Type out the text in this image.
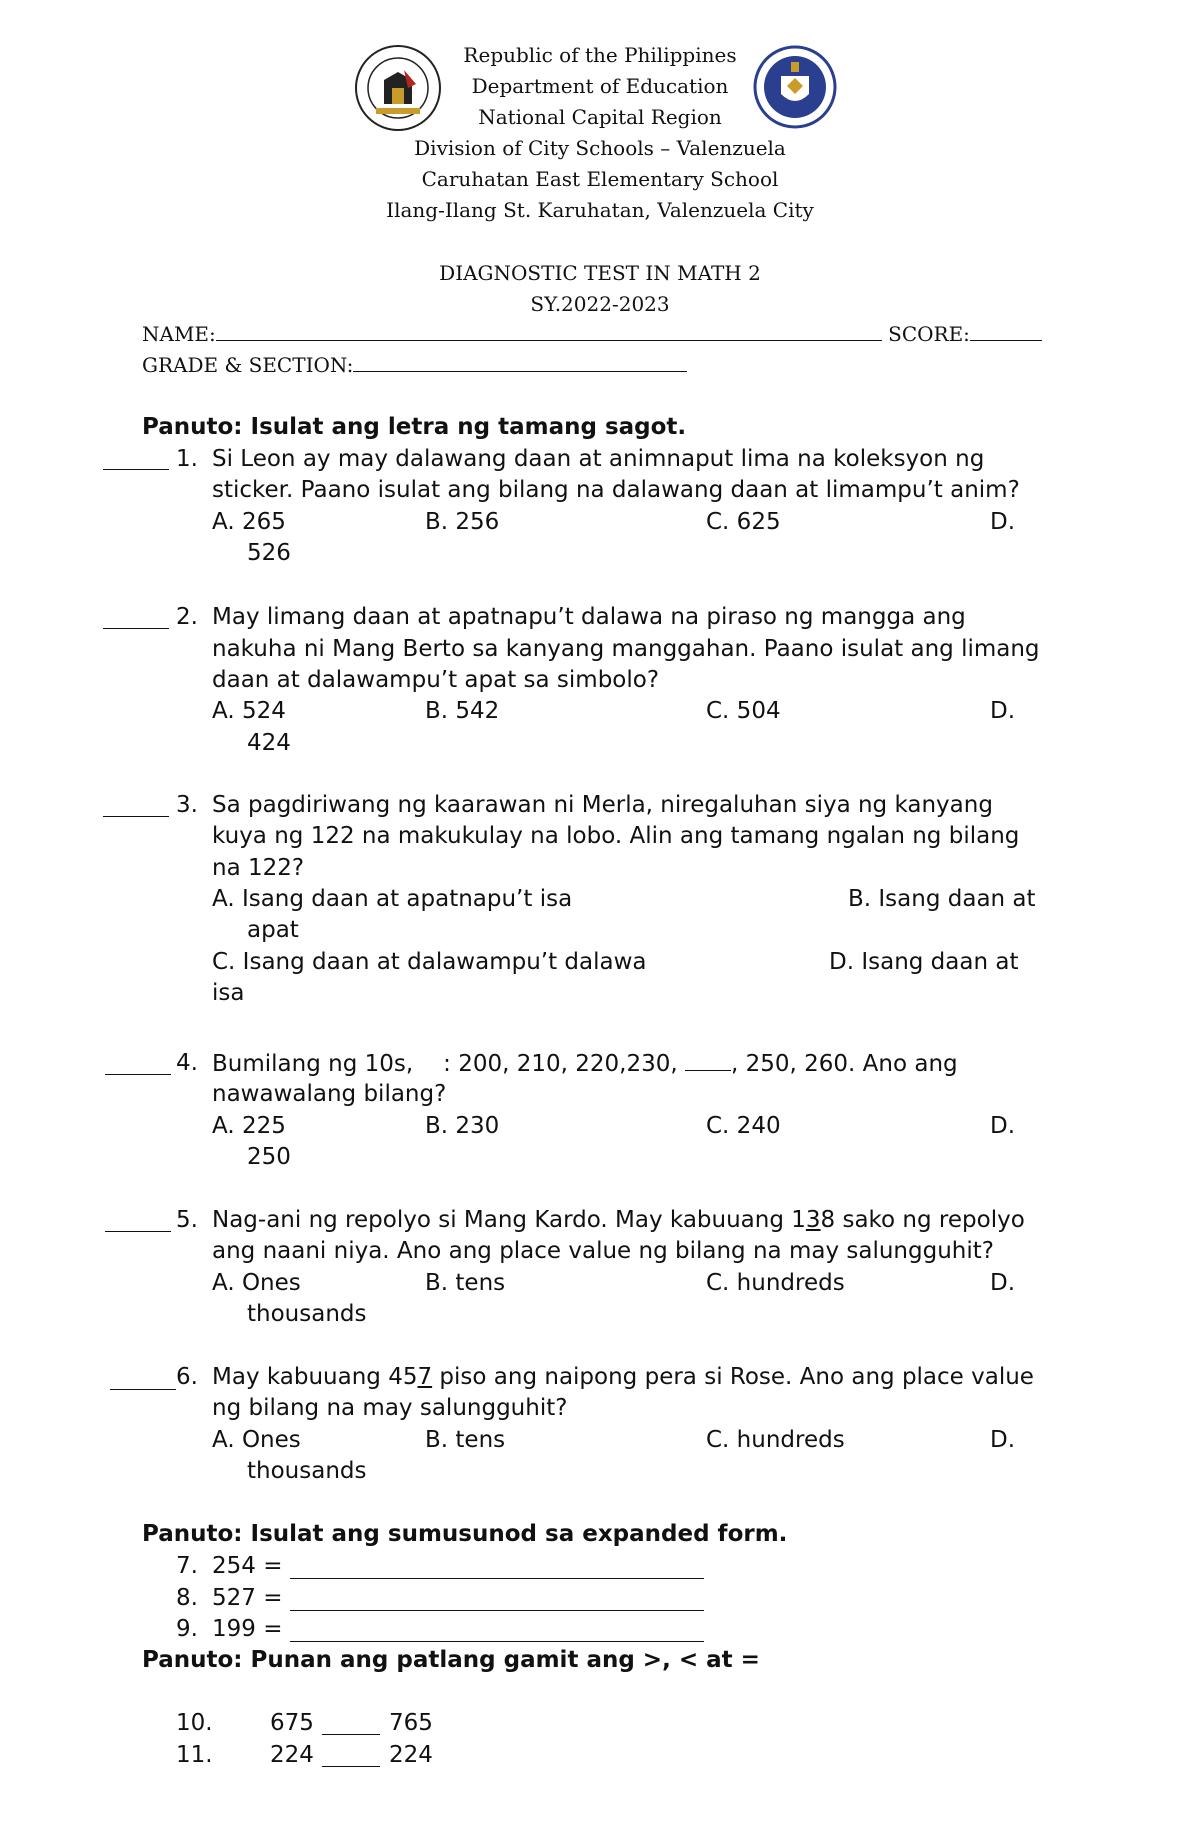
Republic of the Philippines
Department of Education
National Capital Region
Division of City Schools – Valenzuela
Caruhatan East Elementary School
Ilang-Ilang St. Karuhatan, Valenzuela City
DIAGNOSTIC TEST IN MATH 2
SY.2022-2023
NAME:	SCORE:
GRADE & SECTION:
Panuto: Isulat ang letra ng tamang sagot.
1. Si Leon ay may dalawang daan at animnaput lima na koleksyon ng
sticker. Paano isulat ang bilang na dalawang daan at limampu’t anim?
A. 265	B. 256	C. 625	D.
526
2. May limang daan at apatnapu’t dalawa na piraso ng mangga ang
nakuha ni Mang Berto sa kanyang manggahan. Paano isulat ang limang
daan at dalawampu’t apat sa simbolo?
A. 524	B. 542	C. 504	D.
424
3. Sa pagdiriwang ng kaarawan ni Merla, niregaluhan siya ng kanyang
kuya ng 122 na makukulay na lobo. Alin ang tamang ngalan ng bilang
na 122?
A. Isang daan at apatnapu’t isa	B. Isang daan at
apat
C. Isang daan at dalawampu’t dalawa	D. Isang daan at
isa
4. Bumilang ng 10s, : 200, 210, 220,230, , 250, 260. Ano ang
nawawalang bilang?
A. 225	B. 230	C. 240	D.
250
5. Nag-ani ng repolyo si Mang Kardo. May kabuuang 138 sako ng repolyo
ang naani niya. Ano ang place value ng bilang na may salungguhit?
A. Ones	B. tens	C. hundreds	D.
thousands
6. May kabuuang 457 piso ang naipong pera si Rose. Ano ang place value
ng bilang na may salungguhit?
A. Ones	B. tens	C. hundreds	D.
thousands
Panuto: Isulat ang sumusunod sa expanded form.
7. 254 =
8. 527 =
9. 199 =
Panuto: Punan ang patlang gamit ang >, < at =
10. 675	765
11. 224	224
